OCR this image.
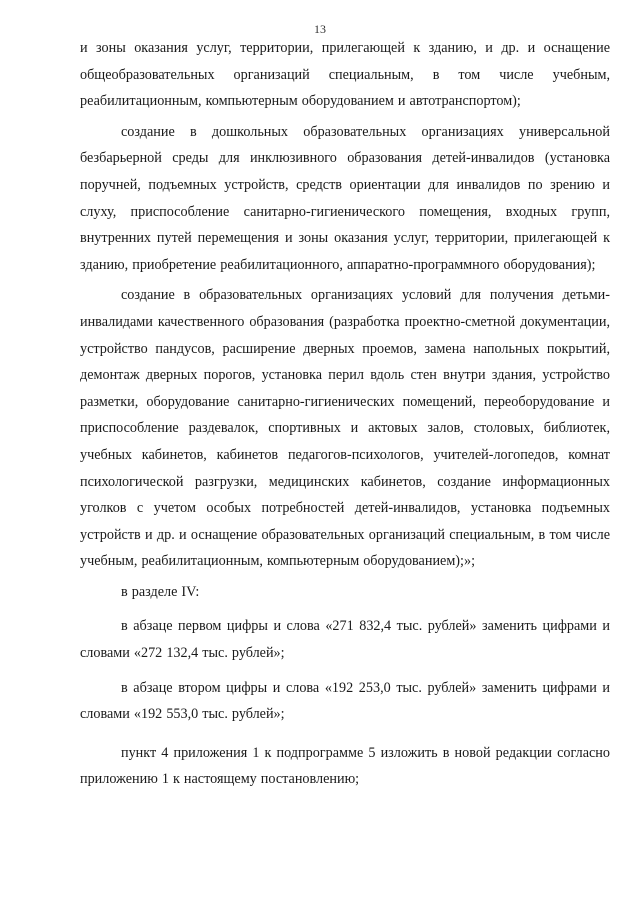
13

и зоны оказания услуг, территории, прилегающей к зданию, и др. и оснащение общеобразовательных организаций специальным, в том числе учебным, реабилитационным, компьютерным оборудованием и автотранспортом);

создание в дошкольных образовательных организациях универсальной безбарьерной среды для инклюзивного образования детей-инвалидов (установка поручней, подъемных устройств, средств ориентации для инвалидов по зрению и слуху, приспособление санитарно-гигиенического помещения, входных групп, внутренних путей перемещения и зоны оказания услуг, территории, прилегающей к зданию, приобретение реабилитационного, аппаратно-программного оборудования);

создание в образовательных организациях условий для получения детьми-инвалидами качественного образования (разработка проектно-сметной документации, устройство пандусов, расширение дверных проемов, замена напольных покрытий, демонтаж дверных порогов, установка перил вдоль стен внутри здания, устройство разметки, оборудование санитарно-гигиенических помещений, переоборудование и приспособление раздевалок, спортивных и актовых залов, столовых, библиотек, учебных кабинетов, кабинетов педагогов-психологов, учителей-логопедов, комнат психологической разгрузки, медицинских кабинетов, создание информационных уголков с учетом особых потребностей детей-инвалидов, установка подъемных устройств и др. и оснащение образовательных организаций специальным, в том числе учебным, реабилитационным, компьютерным оборудованием);»;

в разделе IV:

в абзаце первом цифры и слова «271 832,4 тыс. рублей» заменить цифрами и словами «272 132,4 тыс. рублей»;

в абзаце втором цифры и слова «192 253,0 тыс. рублей» заменить цифрами и словами «192 553,0 тыс. рублей»;

пункт 4 приложения 1 к подпрограмме 5 изложить в новой редакции согласно приложению 1 к настоящему постановлению;
